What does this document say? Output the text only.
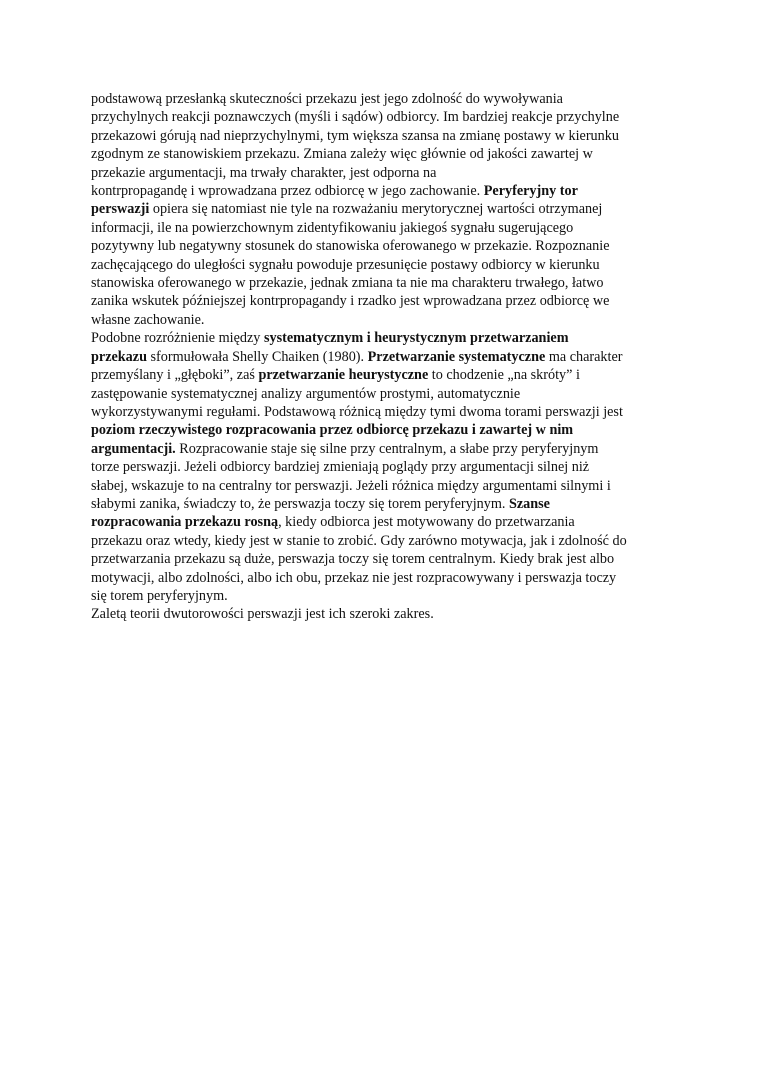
podstawową przesłanką skuteczności przekazu jest jego zdolność do wywoływania
przychylnych reakcji poznawczych (myśli i sądów) odbiorcy. Im bardziej reakcje przychylne
przekazowi górują nad nieprzychylnymi, tym większa szansa na zmianę postawy w kierunku
zgodnym ze stanowiskiem przekazu. Zmiana zależy więc głównie od jakości zawartej w
przekazie argumentacji, ma trwały charakter, jest odporna na
kontrpropagandę i wprowadzana przez odbiorcę w jego zachowanie. Peryferyjny tor
perswazji opiera się natomiast nie tyle na rozważaniu merytorycznej wartości otrzymanej
informacji, ile na powierzchownym zidentyfikowaniu jakiegoś sygnału sugerującego
pozytywny lub negatywny stosunek do stanowiska oferowanego w przekazie. Rozpoznanie
zachęcającego do uległości sygnału powoduje przesunięcie postawy odbiorcy w kierunku
stanowiska oferowanego w przekazie, jednak zmiana ta nie ma charakteru trwałego, łatwo
zanika wskutek późniejszej kontrpropagandy i rzadko jest wprowadzana przez odbiorcę we
własne zachowanie.
Podobne rozróżnienie między systematycznym i heurystycznym przetwarzaniem
przekazu sformułowała Shelly Chaiken (1980). Przetwarzanie systematyczne ma charakter
przemyślany i „głęboki”, zaś przetwarzanie heurystyczne to chodzenie „na skróty” i
zastępowanie systematycznej analizy argumentów prostymi, automatycznie
wykorzystywanymi regułami. Podstawową różnicą między tymi dwoma torami perswazji jest
poziom rzeczywistego rozpracowania przez odbiorcę przekazu i zawartej w nim
argumentacji. Rozpracowanie staje się silne przy centralnym, a słabe przy peryferyjnym
torze perswazji. Jeżeli odbiorcy bardziej zmieniają poglądy przy argumentacji silnej niż
słabej, wskazuje to na centralny tor perswazji. Jeżeli różnica między argumentami silnymi i
słabymi zanika, świadczy to, że perswazja toczy się torem peryferyjnym. Szanse
rozpracowania przekazu rosną, kiedy odbiorca jest motywowany do przetwarzania
przekazu oraz wtedy, kiedy jest w stanie to zrobić. Gdy zarówno motywacja, jak i zdolność do
przetwarzania przekazu są duże, perswazja toczy się torem centralnym. Kiedy brak jest albo
motywacji, albo zdolności, albo ich obu, przekaz nie jest rozpracowywany i perswazja toczy
się torem peryferyjnym.
Zaletą teorii dwutorowości perswazji jest ich szeroki zakres.
